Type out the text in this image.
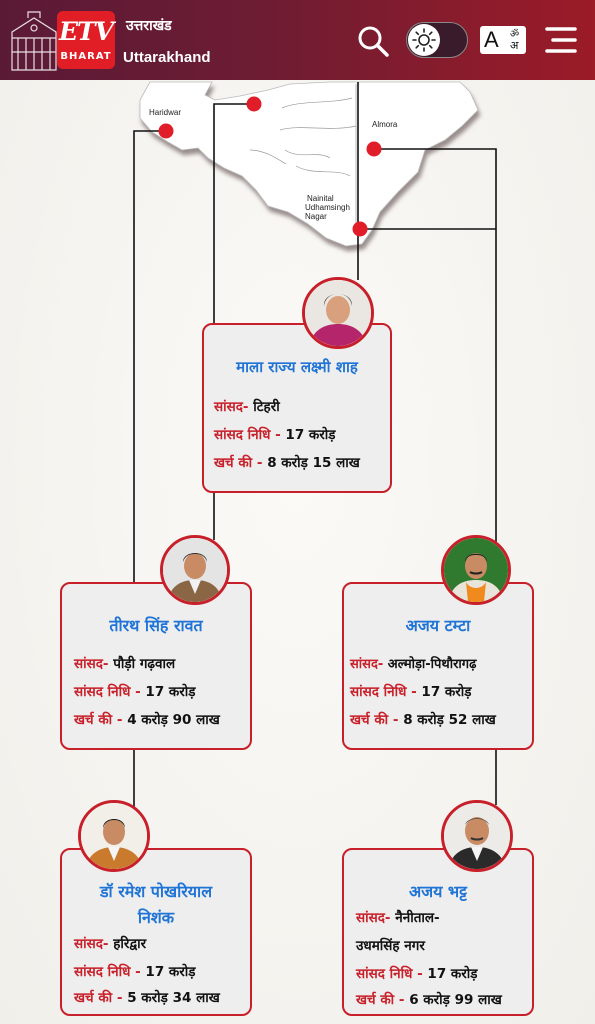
ETV
BHARAT
उत्तराखंड
Uttarakhand
A ॐ
अ
Haridwar
Almora
Nainital
Udhamsingh
Nagar
माला राज्य लक्ष्मी शाह
सांसद- टिहरी
सांसद निधि - 17 करोड़
खर्च की - 8 करोड़ 15 लाख
तीरथ सिंह रावत
सांसद- पौड़ी गढ़वाल
सांसद निधि - 17 करोड़
खर्च की - 4 करोड़ 90 लाख
अजय टम्टा
सांसद- अल्मोड़ा-पिथौरागढ़
सांसद निधि - 17 करोड़
खर्च की - 8 करोड़ 52 लाख
डॉ रमेश पोखरियाल
निशंक
सांसद- हरिद्वार
सांसद निधि - 17 करोड़
खर्च की - 5 करोड़ 34 लाख
अजय भट्ट
सांसद- नैनीताल-
उधमसिंह नगर
सांसद निधि - 17 करोड़
खर्च की - 6 करोड़ 99 लाख
